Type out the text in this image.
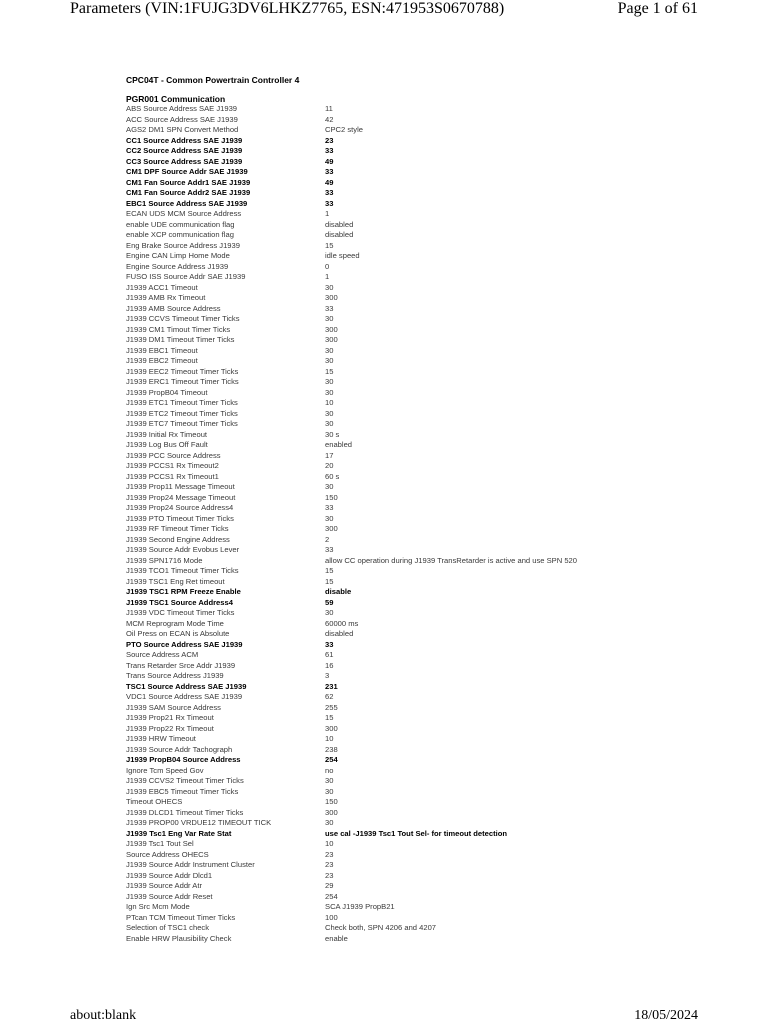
Parameters (VIN:1FUJG3DV6LHKZ7765, ESN:471953S0670788)	Page 1 of 61
CPC04T - Common Powertrain Controller 4
PGR001 Communication
ABS Source Address SAE J1939	11
ACC Source Address SAE J1939	42
AGS2 DM1 SPN Convert Method	CPC2 style
CC1 Source Address SAE J1939	23
CC2 Source Address SAE J1939	33
CC3 Source Address SAE J1939	49
CM1 DPF Source Addr SAE J1939	33
CM1 Fan Source Addr1 SAE J1939	49
CM1 Fan Source Addr2 SAE J1939	33
EBC1 Source Address SAE J1939	33
ECAN UDS MCM Source Address	1
enable UDE communication flag	disabled
enable XCP communication flag	disabled
Eng Brake Source Address J1939	15
Engine CAN Limp Home Mode	idle speed
Engine Source Address J1939	0
FUSO ISS Source Addr SAE J1939	1
J1939 ACC1 Timeout	30
J1939 AMB Rx Timeout	300
J1939 AMB Source Address	33
J1939 CCVS Timeout Timer Ticks	30
J1939 CM1 Timout Timer Ticks	300
J1939 DM1 Timeout Timer Ticks	300
J1939 EBC1 Timeout	30
J1939 EBC2 Timeout	30
J1939 EEC2 Timeout Timer Ticks	15
J1939 ERC1 Timeout Timer Ticks	30
J1939 PropB04 Timeout	30
J1939 ETC1 Timeout Timer Ticks	10
J1939 ETC2 Timeout Timer Ticks	30
J1939 ETC7 Timeout Timer Ticks	30
J1939 Initial Rx Timeout	30 s
J1939 Log Bus Off Fault	enabled
J1939 PCC Source Address	17
J1939 PCCS1 Rx Timeout2	20
J1939 PCCS1 Rx Timeout1	60 s
J1939 Prop11 Message Timeout	30
J1939 Prop24 Message Timeout	150
J1939 Prop24 Source Address4	33
J1939 PTO Timeout Timer Ticks	30
J1939 RF Timeout Timer Ticks	300
J1939 Second Engine Address	2
J1939 Source Addr Evobus Lever	33
J1939 SPN1716 Mode	allow CC operation during J1939 TransRetarder is active and use SPN 520
J1939 TCO1 Timeout Timer Ticks	15
J1939 TSC1 Eng Ret timeout	15
J1939 TSC1 RPM Freeze Enable	disable
J1939 TSC1 Source Address4	59
J1939 VDC Timeout Timer Ticks	30
MCM Reprogram Mode Time	60000 ms
Oil Press on ECAN is Absolute	disabled
PTO Source Address SAE J1939	33
Source Address ACM	61
Trans Retarder Srce Addr J1939	16
Trans Source Address J1939	3
TSC1 Source Address SAE J1939	231
VDC1 Source Address SAE J1939	62
J1939 SAM Source Address	255
J1939 Prop21 Rx Timeout	15
J1939 Prop22 Rx Timeout	300
J1939 HRW Timeout	10
J1939 Source Addr Tachograph	238
J1939 PropB04 Source Address	254
Ignore Tcm Speed Gov	no
J1939 CCVS2 Timeout Timer Ticks	30
J1939 EBC5 Timeout Timer Ticks	30
Timeout OHECS	150
J1939 DLCD1 Timeout Timer Ticks	300
J1939 PROP00 VRDUE12 TIMEOUT TICK	30
J1939 Tsc1 Eng Var Rate Stat	use cal -J1939 Tsc1 Tout Sel- for timeout detection
J1939 Tsc1 Tout Sel	10
Source Address OHECS	23
J1939 Source Addr Instrument Cluster	23
J1939 Source Addr Dlcd1	23
J1939 Source Addr Atr	29
J1939 Source Addr Reset	254
Ign Src Mcm Mode	SCA J1939 PropB21
PTcan TCM Timeout Timer Ticks	100
Selection of TSC1 check	Check both, SPN 4206 and 4207
Enable HRW Plausibility Check	enable
about:blank	18/05/2024
